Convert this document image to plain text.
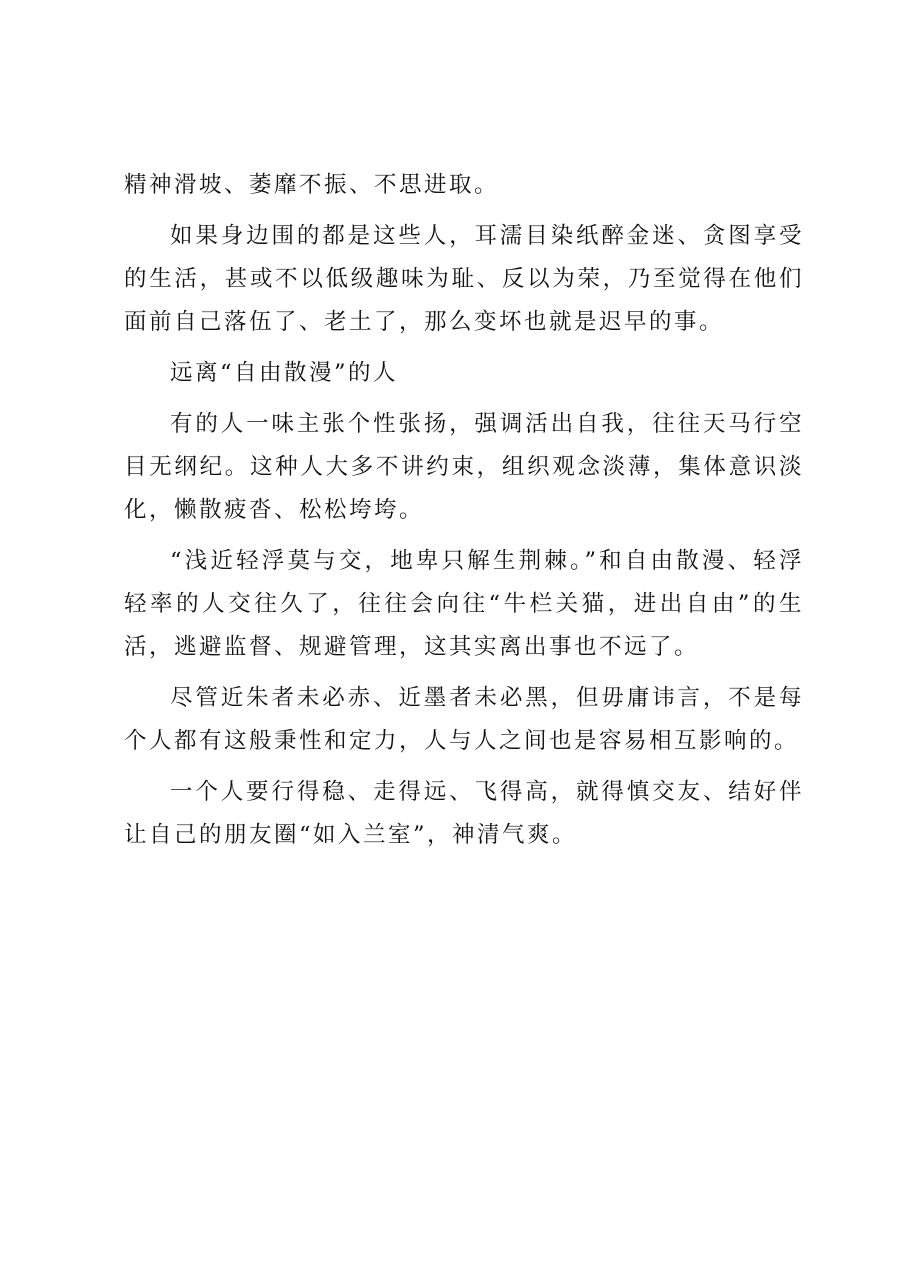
精神滑坡、萎靡不振、不思进取。

如果身边围的都是这些人，耳濡目染纸醉金迷、贪图享受的生活，甚或不以低级趣味为耻、反以为荣，乃至觉得在他们面前自己落伍了、老土了，那么变坏也就是迟早的事。

远离“自由散漫”的人

有的人一味主张个性张扬，强调活出自我，往往天马行空目无纲纪。这种人大多不讲约束，组织观念淡薄，集体意识淡化，懒散疲沓、松松垮垮。

“浅近轻浮莫与交，地卑只解生荆棘。”和自由散漫、轻浮轻率的人交往久了，往往会向往“牛栏关猫，进出自由”的生活，逃避监督、规避管理，这其实离出事也不远了。

尽管近朱者未必赤、近墨者未必黑，但毋庸讳言，不是每个人都有这般秉性和定力，人与人之间也是容易相互影响的。

一个人要行得稳、走得远、飞得高，就得慎交友、结好伴让自己的朋友圈“如入兰室”，神清气爽。
